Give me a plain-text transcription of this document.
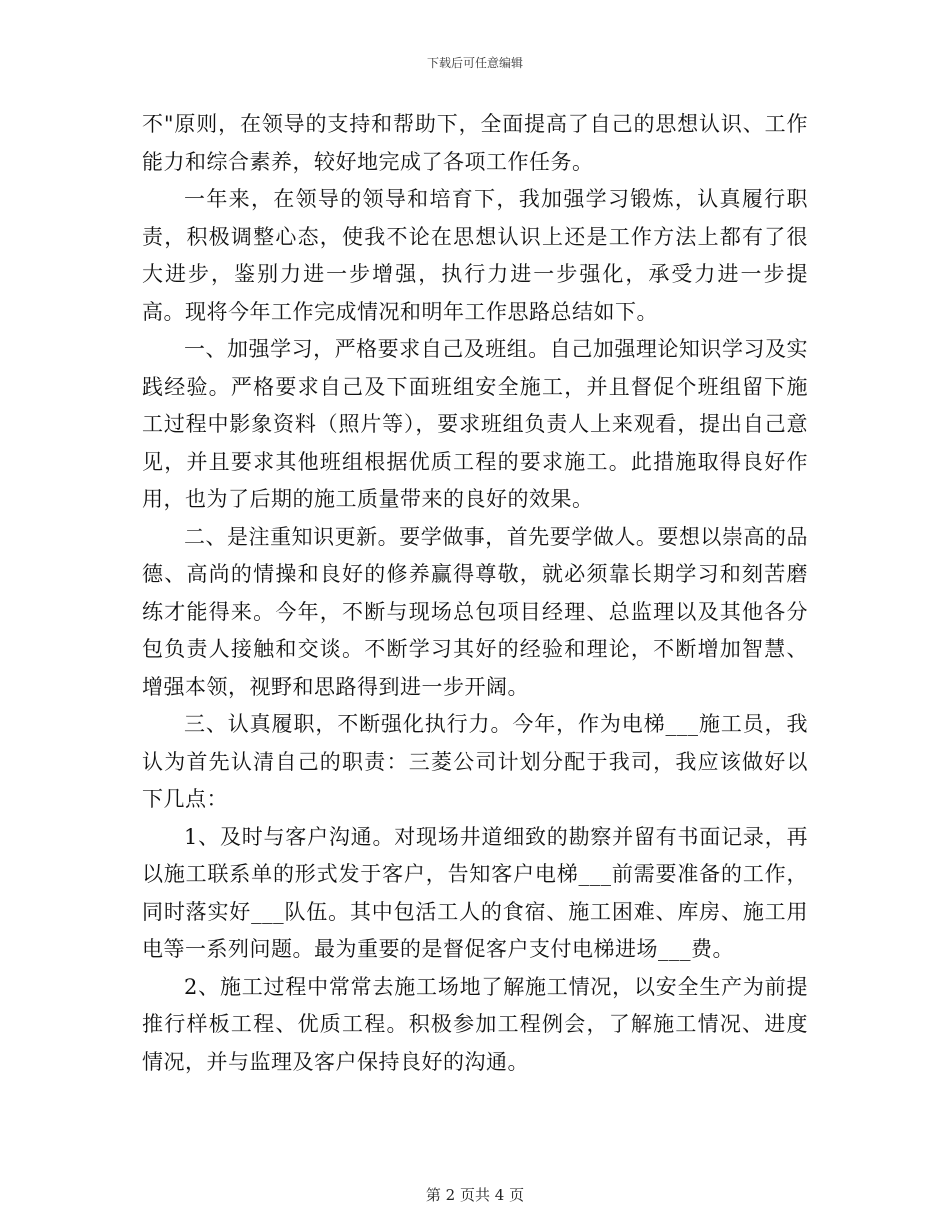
下载后可任意编辑

不"原则，在领导的支持和帮助下，全面提高了自己的思想认识、工作能力和综合素养，较好地完成了各项工作任务。

一年来，在领导的领导和培育下，我加强学习锻炼，认真履行职责，积极调整心态，使我不论在思想认识上还是工作方法上都有了很大进步，鉴别力进一步增强，执行力进一步强化，承受力进一步提高。现将今年工作完成情况和明年工作思路总结如下。

一、加强学习，严格要求自己及班组。自己加强理论知识学习及实践经验。严格要求自己及下面班组安全施工，并且督促个班组留下施工过程中影象资料（照片等），要求班组负责人上来观看，提出自己意见，并且要求其他班组根据优质工程的要求施工。此措施取得良好作用，也为了后期的施工质量带来的良好的效果。

二、是注重知识更新。要学做事，首先要学做人。要想以崇高的品德、高尚的情操和良好的修养赢得尊敬，就必须靠长期学习和刻苦磨练才能得来。今年，不断与现场总包项目经理、总监理以及其他各分包负责人接触和交谈。不断学习其好的经验和理论，不断增加智慧、增强本领，视野和思路得到进一步开阔。

三、认真履职，不断强化执行力。今年，作为电梯___施工员，我认为首先认清自己的职责：三菱公司计划分配于我司，我应该做好以下几点：

1、及时与客户沟通。对现场井道细致的勘察并留有书面记录，再以施工联系单的形式发于客户，告知客户电梯___前需要准备的工作，同时落实好___队伍。其中包活工人的食宿、施工困难、库房、施工用电等一系列问题。最为重要的是督促客户支付电梯进场___费。

2、施工过程中常常去施工场地了解施工情况，以安全生产为前提推行样板工程、优质工程。积极参加工程例会，了解施工情况、进度情况，并与监理及客户保持良好的沟通。

第 2 页共 4 页
